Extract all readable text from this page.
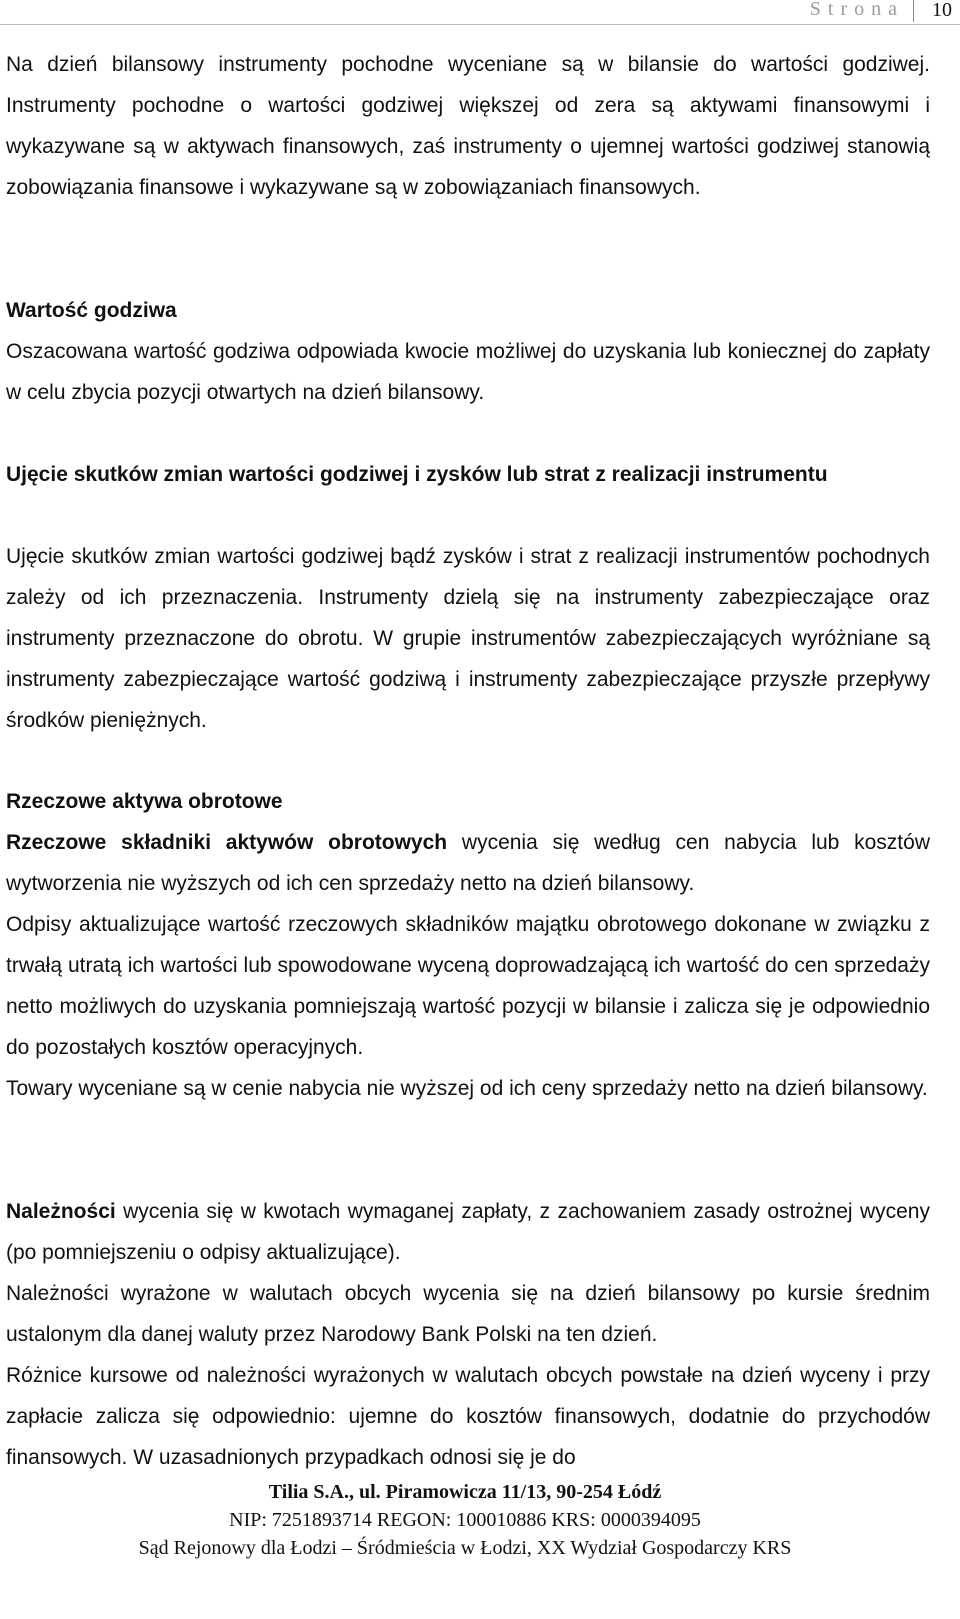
Strona 10

Na dzień bilansowy instrumenty pochodne wyceniane są w bilansie do wartości godziwej. Instrumenty pochodne o wartości godziwej większej od zera są aktywami finansowymi i wykazywane są w aktywach finansowych, zaś instrumenty o ujemnej wartości godziwej stanowią zobowiązania finansowe i wykazywane są w zobowiązaniach finansowych.

Wartość godziwa

Oszacowana wartość godziwa odpowiada kwocie możliwej do uzyskania lub koniecznej do zapłaty w celu zbycia pozycji otwartych na dzień bilansowy.

Ujęcie skutków zmian wartości godziwej i zysków lub strat z realizacji instrumentu

Ujęcie skutków zmian wartości godziwej bądź zysków i strat z realizacji instrumentów pochodnych zależy od ich przeznaczenia. Instrumenty dzielą się na instrumenty zabezpieczające oraz instrumenty przeznaczone do obrotu. W grupie instrumentów zabezpieczających wyróżniane są instrumenty zabezpieczające wartość godziwą i instrumenty zabezpieczające przyszłe przepływy środków pieniężnych.

Rzeczowe aktywa obrotowe

Rzeczowe składniki aktywów obrotowych wycenia się według cen nabycia lub kosztów wytworzenia nie wyższych od ich cen sprzedaży netto na dzień bilansowy.
Odpisy aktualizujące wartość rzeczowych składników majątku obrotowego dokonane w związku z trwałą utratą ich wartości lub spowodowane wyceną doprowadzającą ich wartość do cen sprzedaży netto możliwych do uzyskania pomniejszają wartość pozycji w bilansie i zalicza się je odpowiednio do pozostałych kosztów operacyjnych.
Towary wyceniane są w cenie nabycia nie wyższej od ich ceny sprzedaży netto na dzień bilansowy.
Należności wycenia się w kwotach wymaganej zapłaty, z zachowaniem zasady ostrożnej wyceny (po pomniejszeniu o odpisy aktualizujące).
Należności wyrażone w walutach obcych wycenia się na dzień bilansowy po kursie średnim ustalonym dla danej waluty przez Narodowy Bank Polski na ten dzień.
Różnice kursowe od należności wyrażonych w walutach obcych powstałe na dzień wyceny i przy zapłacie zalicza się odpowiednio: ujemne do kosztów finansowych, dodatnie do przychodów finansowych. W uzasadnionych przypadkach odnosi się je do
Tilia S.A., ul. Piramowicza 11/13, 90-254 Łódź
NIP: 7251893714 REGON: 100010886 KRS: 0000394095
Sąd Rejonowy dla Łodzi – Śródmieścia w Łodzi, XX Wydział Gospodarczy KRS
